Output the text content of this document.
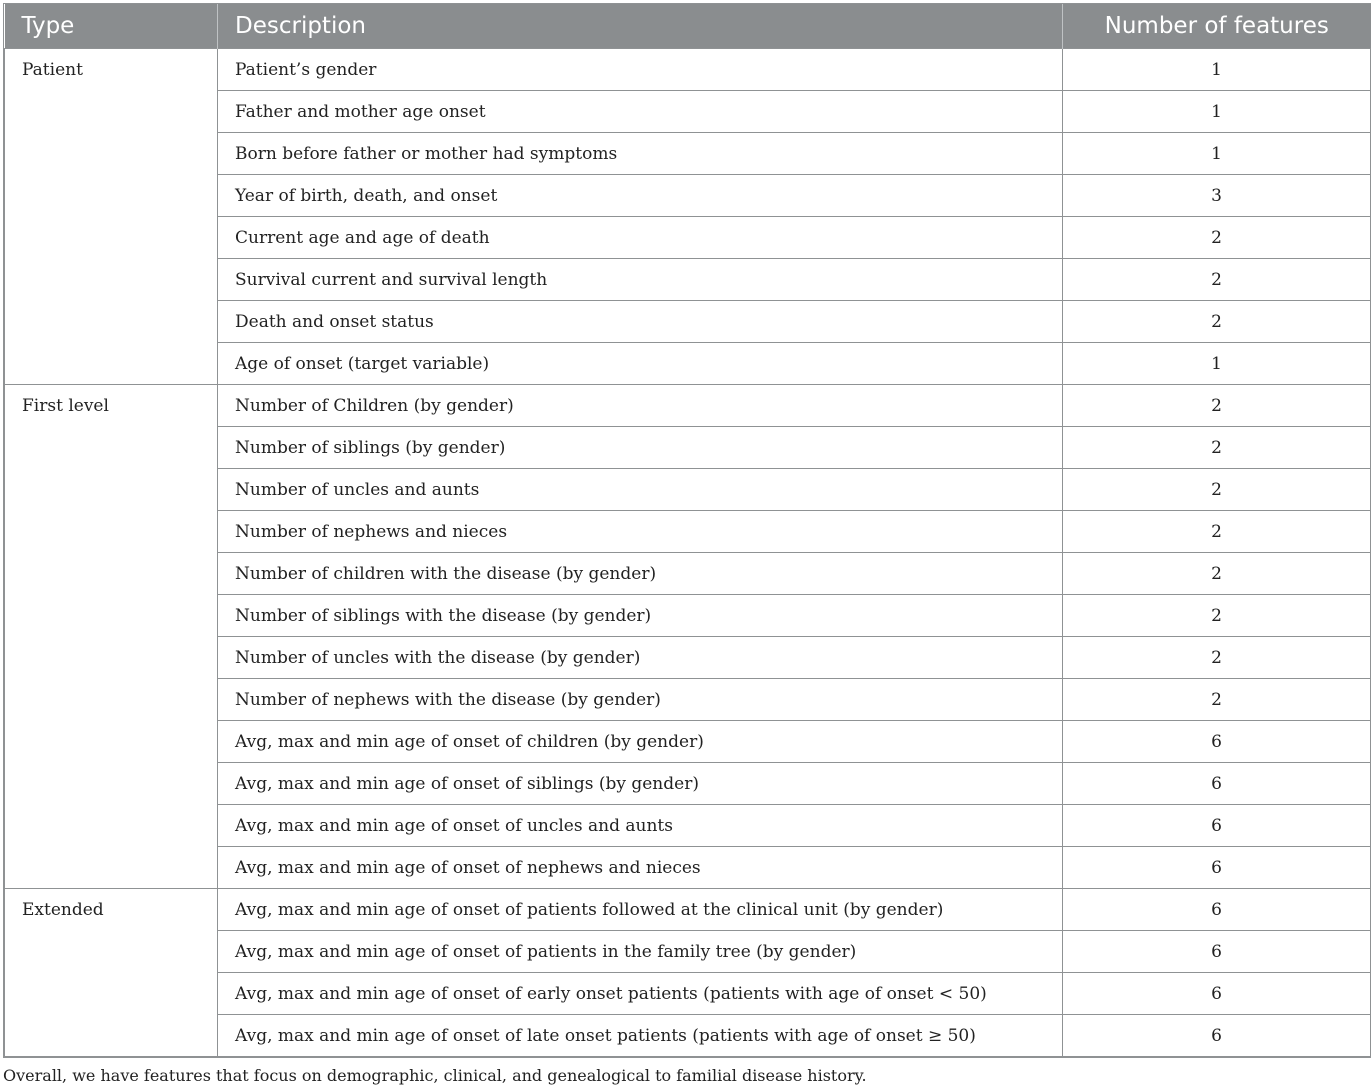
Type	Description	Number of features
Patient	Patient’s gender	1
	Father and mother age onset	1
	Born before father or mother had symptoms	1
	Year of birth, death, and onset	3
	Current age and age of death	2
	Survival current and survival length	2
	Death and onset status	2
	Age of onset (target variable)	1
First level	Number of Children (by gender)	2
	Number of siblings (by gender)	2
	Number of uncles and aunts	2
	Number of nephews and nieces	2
	Number of children with the disease (by gender)	2
	Number of siblings with the disease (by gender)	2
	Number of uncles with the disease (by gender)	2
	Number of nephews with the disease (by gender)	2
	Avg, max and min age of onset of children (by gender)	6
	Avg, max and min age of onset of siblings (by gender)	6
	Avg, max and min age of onset of uncles and aunts	6
	Avg, max and min age of onset of nephews and nieces	6
Extended	Avg, max and min age of onset of patients followed at the clinical unit (by gender)	6
	Avg, max and min age of onset of patients in the family tree (by gender)	6
	Avg, max and min age of onset of early onset patients (patients with age of onset < 50)	6
	Avg, max and min age of onset of late onset patients (patients with age of onset ≥ 50)	6
Overall, we have features that focus on demographic, clinical, and genealogical to familial disease history.
